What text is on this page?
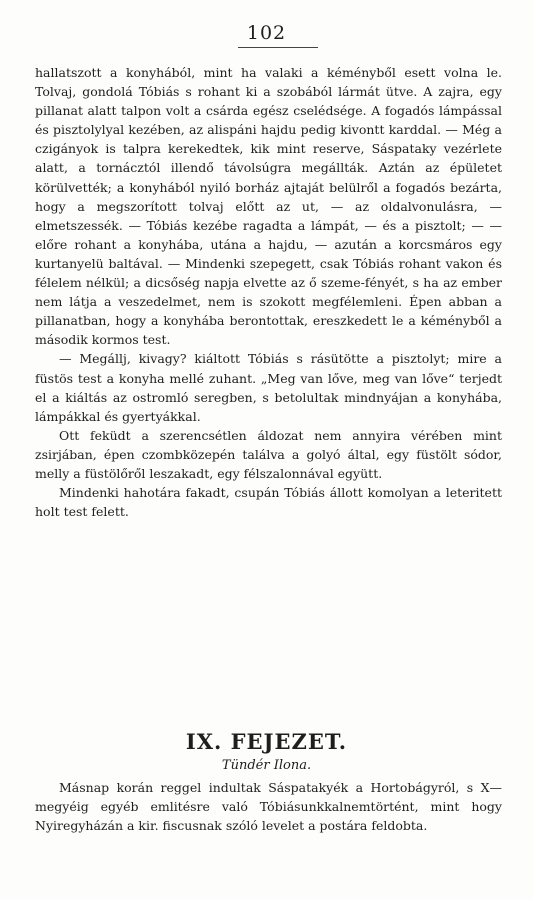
102

hallatszott a konyhából, mint ha valaki a kéményből esett volna le. Tolvaj, gondolá Tóbiás s rohant ki a szobából lármát ütve. A zajra, egy pillanat alatt talpon volt a csárda egész cselédsége. A fogadós lámpással és pisztolylyal kezében, az alispáni hajdu pedig kivontt karddal. — Még a czigányok is talpra kerekedtek, kik mint reserve, Sáspataky vezérlete alatt, a tornácztól illendő távolsúgra megállták. Aztán az épületet körülvették; a konyhából nyiló borház ajtaját belülről a fogadós bezárta, hogy a megszorított tolvaj előtt az ut, — az oldalvonulásra, — elmetszessék. — Tóbiás kezébe ragadta a lámpát, — és a pisztolt; — — előre rohant a konyhába, utána a hajdu, — azután a korcsmáros egy kurtanyelü baltával. — Mindenki szepegett, csak Tóbiás rohant vakon és félelem nélkül; a dicsőség napja elvette az ő szeme-fényét, s ha az ember nem látja a veszedelmet, nem is szokott megfélemleni. Épen abban a pillanatban, hogy a konyhába berontottak, ereszkedett le a kéményből a második kormos test.

— Megállj, kivagy? kiáltott Tóbiás s rásütötte a pisztolyt; mire a füstös test a konyha mellé zuhant. „Meg van lőve, meg van lőve“ terjedt el a kiáltás az ostromló seregben, s betolultak mindnyájan a konyhába, lámpákkal és gyertyákkal.

Ott feküdt a szerencsétlen áldozat nem annyira vérében mint zsirjában, épen czombközepén találva a golyó által, egy füstölt sódor, melly a füstölőről leszakadt, egy félszalonnával együtt.

Mindenki hahotára fakadt, csupán Tóbiás állott komolyan a leteritett holt test felett.

IX. FEJEZET.
Tündér Ilona.

Másnap korán reggel indultak Sáspatakyék a Hortobágyról, s X—megyéig egyéb emlitésre való Tóbiásunkkalnemtörtént, mint hogy Nyiregyházán a kir. fiscusnak szóló levelet a postára feldobta.
